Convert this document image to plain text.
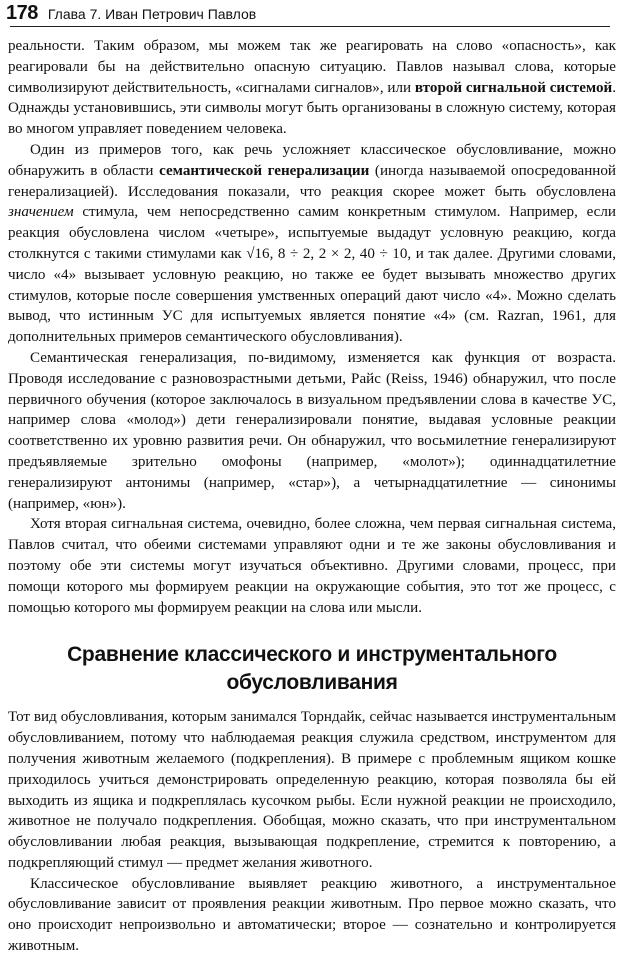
178 Глава 7. Иван Петрович Павлов

реальности. Таким образом, мы можем так же реагировать на слово «опасность», как реагировали бы на действительно опасную ситуацию. Павлов называл слова, которые символизируют действительность, «сигналами сигналов», или второй сигнальной системой. Однажды установившись, эти символы могут быть организованы в сложную систему, которая во многом управляет поведением человека.

Один из примеров того, как речь усложняет классическое обусловливание, можно обнаружить в области семантической генерализации (иногда называемой опосредованной генерализацией). Исследования показали, что реакция скорее может быть обусловлена значением стимула, чем непосредственно самим конкретным стимулом. Например, если реакция обусловлена числом «четыре», испытуемые выдадут условную реакцию, когда столкнутся с такими стимулами как √16, 8 ÷ 2, 2 × 2, 40 ÷ 10, и так далее. Другими словами, число «4» вызывает условную реакцию, но также ее будет вызывать множество других стимулов, которые после совершения умственных операций дают число «4». Можно сделать вывод, что истинным УС для испытуемых является понятие «4» (см. Razran, 1961, для дополнительных примеров семантического обусловливания).

Семантическая генерализация, по-видимому, изменяется как функция от возраста. Проводя исследование с разновозрастными детьми, Райс (Reiss, 1946) обнаружил, что после первичного обучения (которое заключалось в визуальном предъявлении слова в качестве УС, например слова «молод») дети генерализировали понятие, выдавая условные реакции соответственно их уровню развития речи. Он обнаружил, что восьмилетние генерализируют предъявляемые зрительно омофоны (например, «молот»); одиннадцатилетние генерализируют антонимы (например, «стар»), а четырнадцатилетние — синонимы (например, «юн»).

Хотя вторая сигнальная система, очевидно, более сложна, чем первая сигнальная система, Павлов считал, что обеими системами управляют одни и те же законы обусловливания и поэтому обе эти системы могут изучаться объективно. Другими словами, процесс, при помощи которого мы формируем реакции на окружающие события, это тот же процесс, с помощью которого мы формируем реакции на слова или мысли.

Сравнение классического и инструментального
обусловливания

Тот вид обусловливания, которым занимался Торндайк, сейчас называется инструментальным обусловливанием, потому что наблюдаемая реакция служила средством, инструментом для получения животным желаемого (подкрепления). В примере с проблемным ящиком кошке приходилось учиться демонстрировать определенную реакцию, которая позволяла бы ей выходить из ящика и подкреплялась кусочком рыбы. Если нужной реакции не происходило, животное не получало подкрепления. Обобщая, можно сказать, что при инструментальном обусловливании любая реакция, вызывающая подкрепление, стремится к повторению, а подкрепляющий стимул — предмет желания животного.

Классическое обусловливание выявляет реакцию животного, а инструментальное обусловливание зависит от проявления реакции животным. Про первое можно сказать, что оно происходит непроизвольно и автоматически; второе — сознательно и контролируется животным.
